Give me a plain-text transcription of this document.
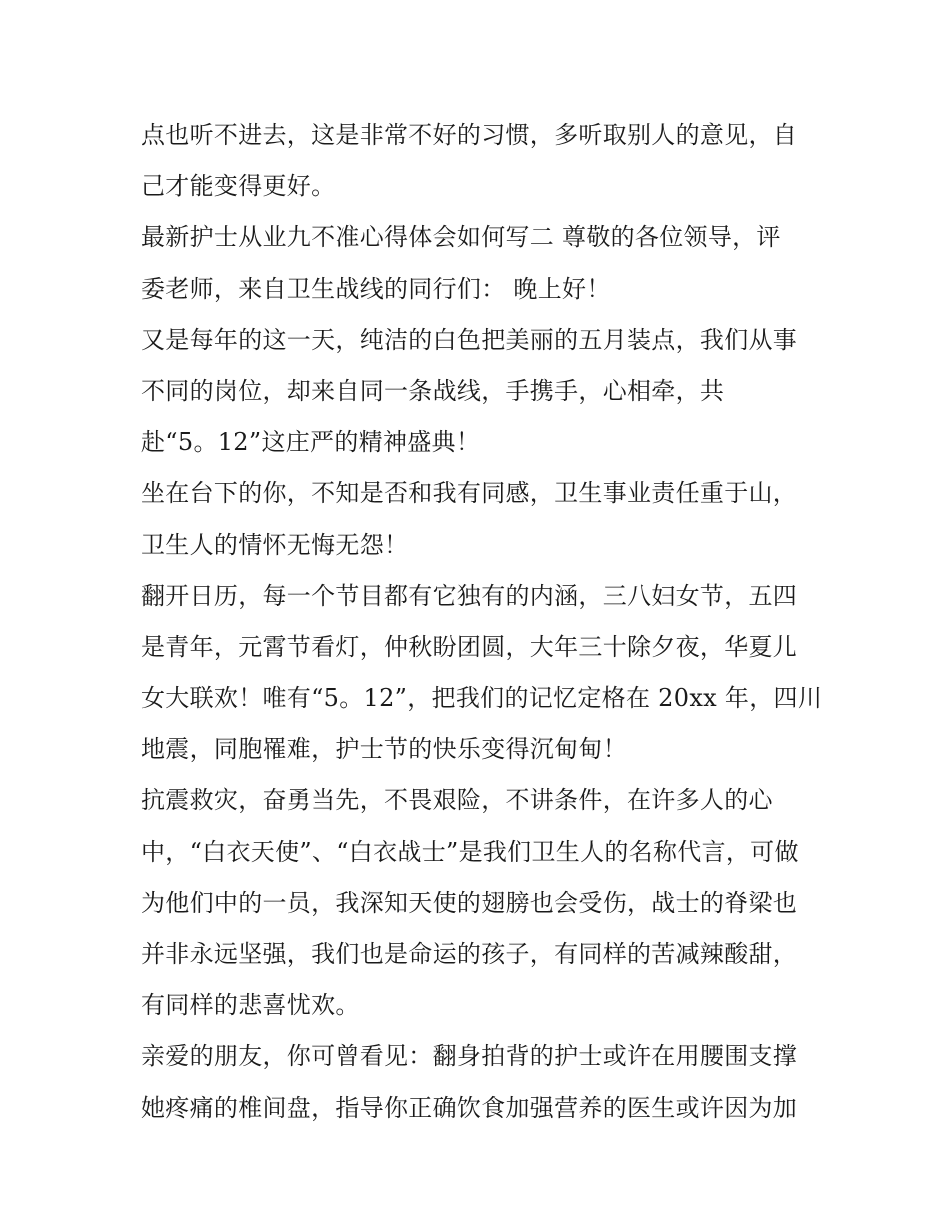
点也听不进去，这是非常不好的习惯，多听取别人的意见，自
己才能变得更好。
最新护士从业九不准心得体会如何写二 尊敬的各位领导，评
委老师，来自卫生战线的同行们： 晚上好！
又是每年的这一天，纯洁的白色把美丽的五月装点，我们从事
不同的岗位，却来自同一条战线，手携手，心相牵，共
赴“5。12”这庄严的精神盛典！
坐在台下的你，不知是否和我有同感，卫生事业责任重于山，
卫生人的情怀无悔无怨！
翻开日历，每一个节目都有它独有的内涵，三八妇女节，五四
是青年，元霄节看灯，仲秋盼团圆，大年三十除夕夜，华夏儿
女大联欢！唯有“5。12”，把我们的记忆定格在 20xx 年，四川
地震，同胞罹难，护士节的快乐变得沉甸甸！
抗震救灾，奋勇当先，不畏艰险，不讲条件，在许多人的心
中，“白衣天使”、“白衣战士”是我们卫生人的名称代言，可做
为他们中的一员，我深知天使的翅膀也会受伤，战士的脊梁也
并非永远坚强，我们也是命运的孩子，有同样的苦减辣酸甜，
有同样的悲喜忧欢。
亲爱的朋友，你可曾看见：翻身拍背的护士或许在用腰围支撑
她疼痛的椎间盘，指导你正确饮食加强营养的医生或许因为加
